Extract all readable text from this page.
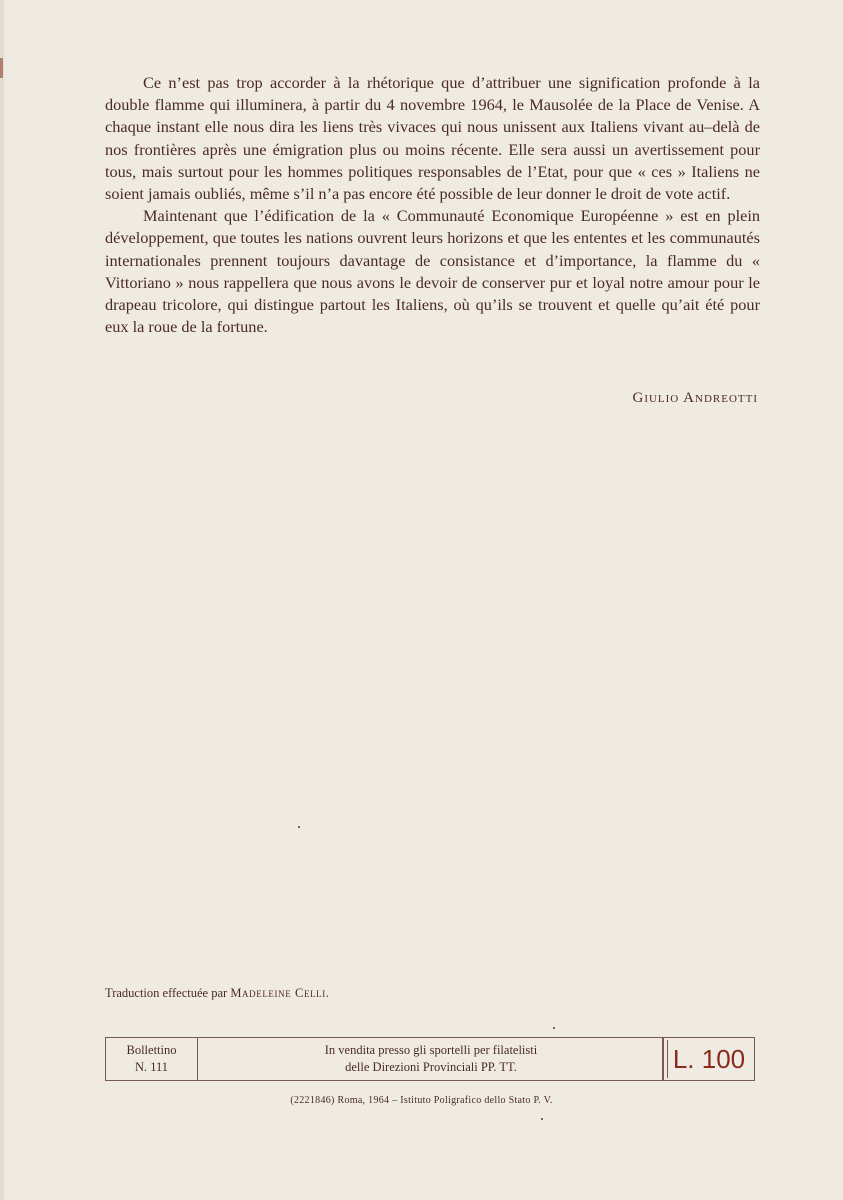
Ce n’est pas trop accorder à la rhétorique que d’attribuer une signification profonde à la double flamme qui illuminera, à partir du 4 novembre 1964, le Mausolée de la Place de Venise. A chaque instant elle nous dira les liens très vivaces qui nous unissent aux Italiens vivant au–delà de nos frontières après une émigration plus ou moins récente. Elle sera aussi un avertissement pour tous, mais surtout pour les hommes politiques responsables de l’Etat, pour que « ces » Italiens ne soient jamais oubliés, même s’il n’a pas encore été possible de leur donner le droit de vote actif.

Maintenant que l’édification de la « Communauté Economique Européenne » est en plein développement, que toutes les nations ouvrent leurs horizons et que les ententes et les communautés internationales prennent toujours davantage de consistance et d’importance, la flamme du « Vittoriano » nous rappellera que nous avons le devoir de conserver pur et loyal notre amour pour le drapeau tricolore, qui distingue partout les Italiens, où qu’ils se trouvent et quelle qu’ait été pour eux la roue de la fortune.

Giulio Andreotti
Traduction effectuée par Madeleine Celli.
Bollettino
N. 111
In vendita presso gli sportelli per filatelisti
delle Direzioni Provinciali PP. TT.	L. 100
(2221846) Roma, 1964 – Istituto Poligrafico dello Stato P. V.
